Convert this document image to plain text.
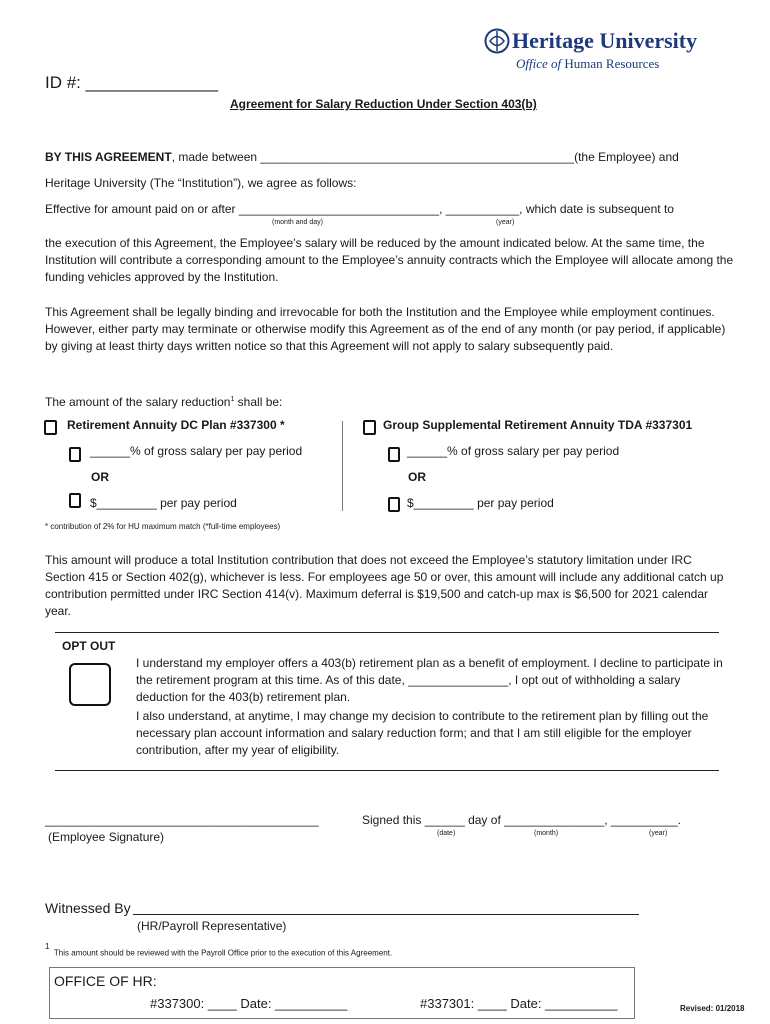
Heritage University
Office of Human Resources
ID #: ______________
Agreement for Salary Reduction Under Section 403(b)
BY THIS AGREEMENT, made between _______________________________________________(the Employee) and
Heritage University (The “Institution”), we agree as follows:
Effective for amount paid on or after ______________________________, ___________, which date is subsequent to
(month and day)	(year)
the execution of this Agreement, the Employee’s salary will be reduced by the amount indicated below. At the same time, the Institution will contribute a corresponding amount to the Employee’s annuity contracts which the Employee will allocate among the funding vehicles approved by the Institution.
This Agreement shall be legally binding and irrevocable for both the Institution and the Employee while employment continues. However, either party may terminate or otherwise modify this Agreement as of the end of any month (or pay period, if applicable) by giving at least thirty days written notice so that this Agreement will not apply to salary subsequently paid.
The amount of the salary reduction$^1$ shall be:
Retirement Annuity DC Plan #337300 *
______% of gross salary per pay period
OR
$_________ per pay period
Group Supplemental Retirement Annuity TDA #337301
______% of gross salary per pay period
OR
$_________ per pay period
* contribution of 2% for HU maximum match (*full-time employees)
This amount will produce a total Institution contribution that does not exceed the Employee’s statutory limitation under IRC Section 415 or Section 402(g), whichever is less. For employees age 50 or over, this amount will include any additional catch up contribution permitted under IRC Section 414(v). Maximum deferral is $19,500 and catch-up max is $6,500 for 2021 calendar year.
OPT OUT
I understand my employer offers a 403(b) retirement plan as a benefit of employment. I decline to participate in the retirement program at this time. As of this date, _______________, I opt out of withholding a salary deduction for the 403(b) retirement plan.
I also understand, at anytime, I may change my decision to contribute to the retirement plan by filling out the necessary plan account information and salary reduction form; and that I am still eligible for the employer contribution, after my year of eligibility.
_________________________________________
(Employee Signature)
Signed this ______ day of _______________, __________.
(date)	(month)	(year)
Witnessed By
(HR/Payroll Representative)
$^1$ This amount should be reviewed with the Payroll Office prior to the execution of this Agreement.
OFFICE OF HR:
#337300: ____ Date: __________	#337301: ____ Date: __________	Revised: 01/2018
